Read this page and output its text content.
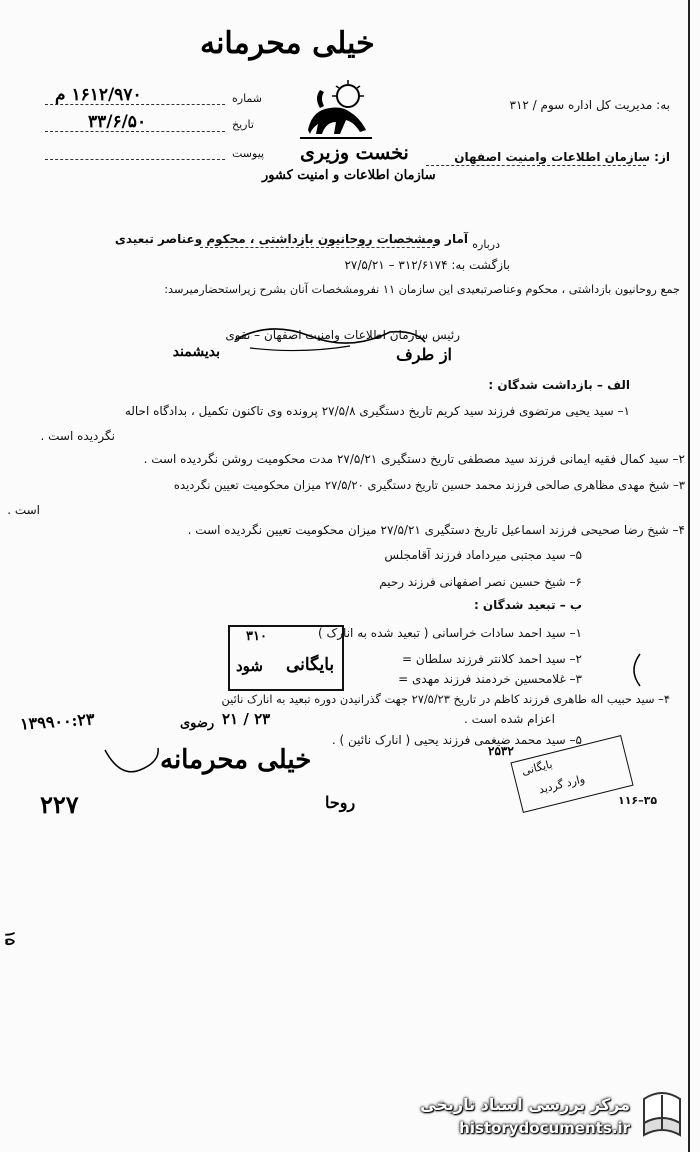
خیلی محرمانه
شماره
۱۶۱۲/۹۷۰ م
تاریخ
۳۳/۶/۵۰
پیوست نخست وزیری
سازمان اطلاعات و امنیت کشور
به: مدیریت کل اداره سوم / ۳۱۲
از: سازمان اطلاعات وامنیت اصفهان
درباره
آمار ومشخصات روحانیون بازداشتی ، محکوم وعناصر تبعیدی
بازگشت به: ۳۱۲/۶۱۷۴ – ۲۷/۵/۲۱
جمع روحانیون بازداشتی ، محکوم وعناصرتبعیدی این سازمان ۱۱ نفرومشخصات آنان بشرح زیراستحضارمیرسد:
رئیس سازمان اطلاعات وامنیت اصفهان – تقوی
از طرف
بدیشمند
الف – بازداشت شدگان :
۱– سید یحیی مرتضوی فرزند سید کریم تاریخ دستگیری ۲۷/۵/۸ پرونده وی تاکنون تکمیل ، بدادگاه احاله
نگردیده است .
۲– سید کمال فقیه ایمانی فرزند سید مصطفی تاریخ دستگیری ۲۷/۵/۲۱ مدت محکومیت روشن نگردیده است .
۳– شیخ مهدی مظاهری صالحی فرزند محمد حسین تاریخ دستگیری ۲۷/۵/۲۰ میزان محکومیت تعیین نگردیده
است .
۴– شیخ رضا صحیحی فرزند اسماعیل تاریخ دستگیری ۲۷/۵/۲۱ میزان محکومیت تعیین نگردیده است .
۵– سید مجتبی میرداماد فرزند آقامجلس
۶– شیخ حسین نصر اصفهانی فرزند رحیم
ب – تبعید شدگان :
۱– سید احمد سادات خراسانی ( تبعید شده به انارک )
۲– سید احمد کلانتر فرزند سلطان =
۳– غلامحسین خردمند فرزند مهدی =
۴– سید حبیب اله طاهری فرزند کاظم در تاریخ ۲۷/۵/۲۳ جهت گذرانیدن دوره تبعید به انارک نائین
اعزام شده است .
۵– سید محمد ضیغمی فرزند یحیی ( انارک نائین ) .
۳۱۰
بایگانی
شود
بایگانی
وارد گردید
۲۵۳۲
۳۵–۱۱۶
۱۳۹۹۰۰:۲۳	۲۳ / ۲۱
رضوی
خیلی محرمانه
۲۲۷	روحا
۱۵
مرکز بررسی اسناد تاریخی
historydocuments.ir
